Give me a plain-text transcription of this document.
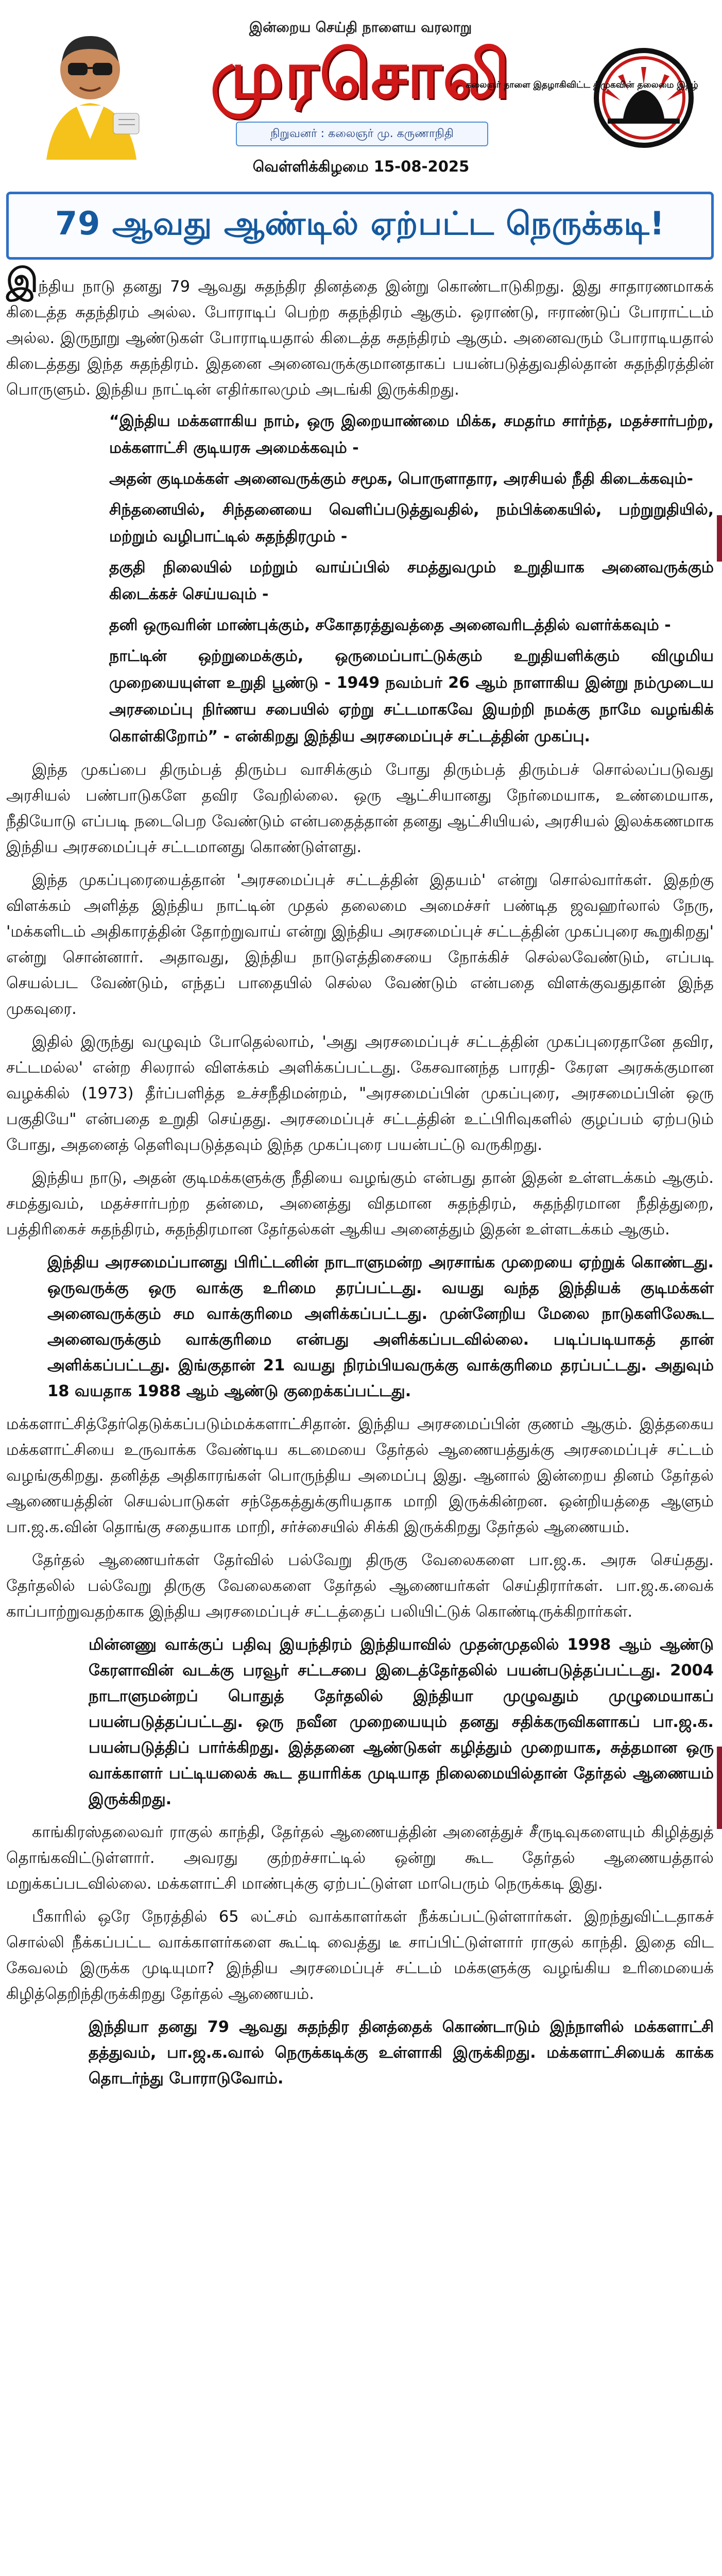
இன்றைய செய்தி நாளைய வரலாறு
முரசொலி
நிறுவனர் : கலைஞர் மு. கருணாநிதி
கலைஞர் நாளை இதழாகிவிட்ட திமுகவின் தலைமை இதழ்
வெள்ளிக்கிழமை 15-08-2025
79 ஆவது ஆண்டில் ஏற்பட்ட நெருக்கடி!

இந்திய நாடு தனது 79 ஆவது சுதந்திர தினத்தை இன்று கொண்டாடுகிறது. இது சாதாரணமாகக் கிடைத்த சுதந்திரம் அல்ல. போராடிப் பெற்ற சுதந்திரம் ஆகும். ஒராண்டு, ஈராண்டுப் போராட்டம் அல்ல. இருநூறு ஆண்டுகள் போராடியதால் கிடைத்த சுதந்திரம் ஆகும். அனைவரும் போராடியதால் கிடைத்தது இந்த சுதந்திரம். இதனை அனைவருக்குமானதாகப் பயன்படுத்துவதில்தான் சுதந்திரத்தின் பொருளும். இந்திய நாட்டின் எதிர்காலமும் அடங்கி இருக்கிறது.

“இந்திய மக்களாகிய நாம், ஒரு இறையாண்மை மிக்க, சமதர்ம சார்ந்த, மதச்சார்பற்ற, மக்களாட்சி குடியரசு அமைக்கவும் -

அதன் குடிமக்கள் அனைவருக்கும் சமூக, பொருளாதார, அரசியல் நீதி கிடைக்கவும்-

சிந்தனையில், சிந்தனையை வெளிப்படுத்துவதில், நம்பிக்கையில், பற்றுறுதியில், மற்றும் வழிபாட்டில் சுதந்திரமும் -

தகுதி நிலையில் மற்றும் வாய்ப்பில் சமத்துவமும் உறுதியாக அனைவருக்கும் கிடைக்கச் செய்யவும் -

தனி ஒருவரின் மாண்புக்கும், சகோதரத்துவத்தை அனைவரிடத்தில் வளர்க்கவும் -

நாட்டின் ஒற்றுமைக்கும், ஒருமைப்பாட்டுக்கும் உறுதியளிக்கும் விழுமிய முறையையுள்ள உறுதி பூண்டு - 1949 நவம்பர் 26 ஆம் நாளாகிய இன்று நம்முடைய அரசமைப்பு நிர்ணய சபையில் ஏற்று சட்டமாகவே இயற்றி நமக்கு நாமே வழங்கிக் கொள்கிறோம்” - என்கிறது இந்திய அரசமைப்புச் சட்டத்தின் முகப்பு.

இந்த முகப்பை திரும்பத் திரும்ப வாசிக்கும் போது திரும்பத் திரும்பச் சொல்லப்படுவது அரசியல் பண்பாடுகளே தவிர வேறில்லை. ஒரு ஆட்சியானது நேர்மையாக, உண்மையாக, நீதியோடு எப்படி நடைபெற வேண்டும் என்பதைத்தான் தனது ஆட்சியியல், அரசியல் இலக்கணமாக இந்திய அரசமைப்புச் சட்டமானது கொண்டுள்ளது.

இந்த முகப்புரையைத்தான் 'அரசமைப்புச் சட்டத்தின் இதயம்' என்று சொல்வார்கள். இதற்கு விளக்கம் அளித்த இந்திய நாட்டின் முதல் தலைமை அமைச்சர் பண்டித ஜவஹர்லால் நேரு, 'மக்களிடம் அதிகாரத்தின் தோற்றுவாய் என்று இந்திய அரசமைப்புச் சட்டத்தின் முகப்புரை கூறுகிறது' என்று சொன்னார். அதாவது, இந்திய நாடுஎத்திசையை நோக்கிச் செல்லவேண்டும், எப்படி செயல்பட வேண்டும், எந்தப் பாதையில் செல்ல வேண்டும் என்பதை விளக்குவதுதான் இந்த முகவுரை.

இதில் இருந்து வழுவும் போதெல்லாம், 'அது அரசமைப்புச் சட்டத்தின் முகப்புரைதானே தவிர, சட்டமல்ல' என்ற சிலரால் விளக்கம் அளிக்கப்பட்டது. கேசவானந்த பாரதி- கேரள அரசுக்குமான வழக்கில் (1973) தீர்ப்பளித்த உச்சநீதிமன்றம், "அரசமைப்பின் முகப்புரை, அரசமைப்பின் ஒரு பகுதியே" என்பதை உறுதி செய்தது. அரசமைப்புச் சட்டத்தின் உட்பிரிவுகளில் குழப்பம் ஏற்படும் போது, அதனைத் தெளிவுபடுத்தவும் இந்த முகப்புரை பயன்பட்டு வருகிறது.

இந்திய நாடு, அதன் குடிமக்களுக்கு நீதியை வழங்கும் என்பது தான் இதன் உள்ளடக்கம் ஆகும். சமத்துவம், மதச்சார்பற்ற தன்மை, அனைத்து விதமான சுதந்திரம், சுதந்திரமான நீதித்துறை, பத்திரிகைச் சுதந்திரம், சுதந்திரமான தேர்தல்கள் ஆகிய அனைத்தும் இதன் உள்ளடக்கம் ஆகும்.

இந்திய அரசமைப்பானது பிரிட்டனின் நாடாளுமன்ற அரசாங்க முறையை ஏற்றுக் கொண்டது. ஒருவருக்கு ஒரு வாக்கு உரிமை தரப்பட்டது. வயது வந்த இந்தியக் குடிமக்கள் அனைவருக்கும் சம வாக்குரிமை அளிக்கப்பட்டது. முன்னேறிய மேலை நாடுகளிலேகூட அனைவருக்கும் வாக்குரிமை என்பது அளிக்கப்படவில்லை. படிப்படியாகத் தான் அளிக்கப்பட்டது. இங்குதான் 21 வயது நிரம்பியவருக்கு வாக்குரிமை தரப்பட்டது. அதுவும் 18 வயதாக 1988 ஆம் ஆண்டு குறைக்கப்பட்டது.

மக்களாட்சித்தேர்தெடுக்கப்படும்மக்களாட்சிதான். இந்திய அரசமைப்பின் குணம் ஆகும். இத்தகைய மக்களாட்சியை உருவாக்க வேண்டிய கடமையை தேர்தல் ஆணையத்துக்கு அரசமைப்புச் சட்டம் வழங்குகிறது. தனித்த அதிகாரங்கள் பொருந்திய அமைப்பு இது. ஆனால் இன்றைய தினம் தேர்தல் ஆணையத்தின் செயல்பாடுகள் சந்தேகத்துக்குரியதாக மாறி இருக்கின்றன. ஒன்றியத்தை ஆளும் பா.ஜ.க.வின் தொங்கு சதையாக மாறி, சர்ச்சையில் சிக்கி இருக்கிறது தேர்தல் ஆணையம்.

தேர்தல் ஆணையர்கள் தேர்வில் பல்வேறு திருகு வேலைகளை பா.ஜ.க. அரசு செய்தது. தேர்தலில் பல்வேறு திருகு வேலைகளை தேர்தல் ஆணையர்கள் செய்திரார்கள். பா.ஜ.க.வைக் காப்பாற்றுவதற்காக இந்திய அரசமைப்புச் சட்டத்தைப் பலியிட்டுக் கொண்டிருக்கிறார்கள்.

மின்னணு வாக்குப் பதிவு இயந்திரம் இந்தியாவில் முதன்முதலில் 1998 ஆம் ஆண்டு கேரளாவின் வடக்கு பரவூர் சட்டசபை இடைத்தேர்தலில் பயன்படுத்தப்பட்டது. 2004 நாடாளுமன்றப் பொதுத் தேர்தலில் இந்தியா முழுவதும் முழுமையாகப் பயன்படுத்தப்பட்டது. ஒரு நவீன முறையையும் தனது சதிக்கருவிகளாகப் பா.ஜ.க. பயன்படுத்திப் பார்க்கிறது. இத்தனை ஆண்டுகள் கழித்தும் முறையாக, சுத்தமான ஒரு வாக்காளர் பட்டியலைக் கூட தயாரிக்க முடியாத நிலைமையில்தான் தேர்தல் ஆணையம் இருக்கிறது.

காங்கிரஸ்தலைவர் ராகுல் காந்தி, தேர்தல் ஆணையத்தின் அனைத்துச் சீருடிவுகளையும் கிழித்துத் தொங்கவிட்டுள்ளார். அவரது குற்றச்சாட்டில் ஒன்று கூட தேர்தல் ஆணையத்தால் மறுக்கப்படவில்லை. மக்களாட்சி மாண்புக்கு ஏற்பட்டுள்ள மாபெரும் நெருக்கடி இது.

பீகாரில் ஒரே நேரத்தில் 65 லட்சம் வாக்காளர்கள் நீக்கப்பட்டுள்ளார்கள். இறந்துவிட்டதாகச் சொல்லி நீக்கப்பட்ட வாக்காளர்களை கூட்டி வைத்து டீ சாப்பிட்டுள்ளார் ராகுல் காந்தி. இதை விட கேவலம் இருக்க முடியுமா? இந்திய அரசமைப்புச் சட்டம் மக்களுக்கு வழங்கிய உரிமையைக் கிழித்தெறிந்திருக்கிறது தேர்தல் ஆணையம்.

இந்தியா தனது 79 ஆவது சுதந்திர தினத்தைக் கொண்டாடும் இந்நாளில் மக்களாட்சி தத்துவம், பா.ஜ.க.வால் நெருக்கடிக்கு உள்ளாகி இருக்கிறது. மக்களாட்சியைக் காக்க தொடர்ந்து போராடுவோம்.
